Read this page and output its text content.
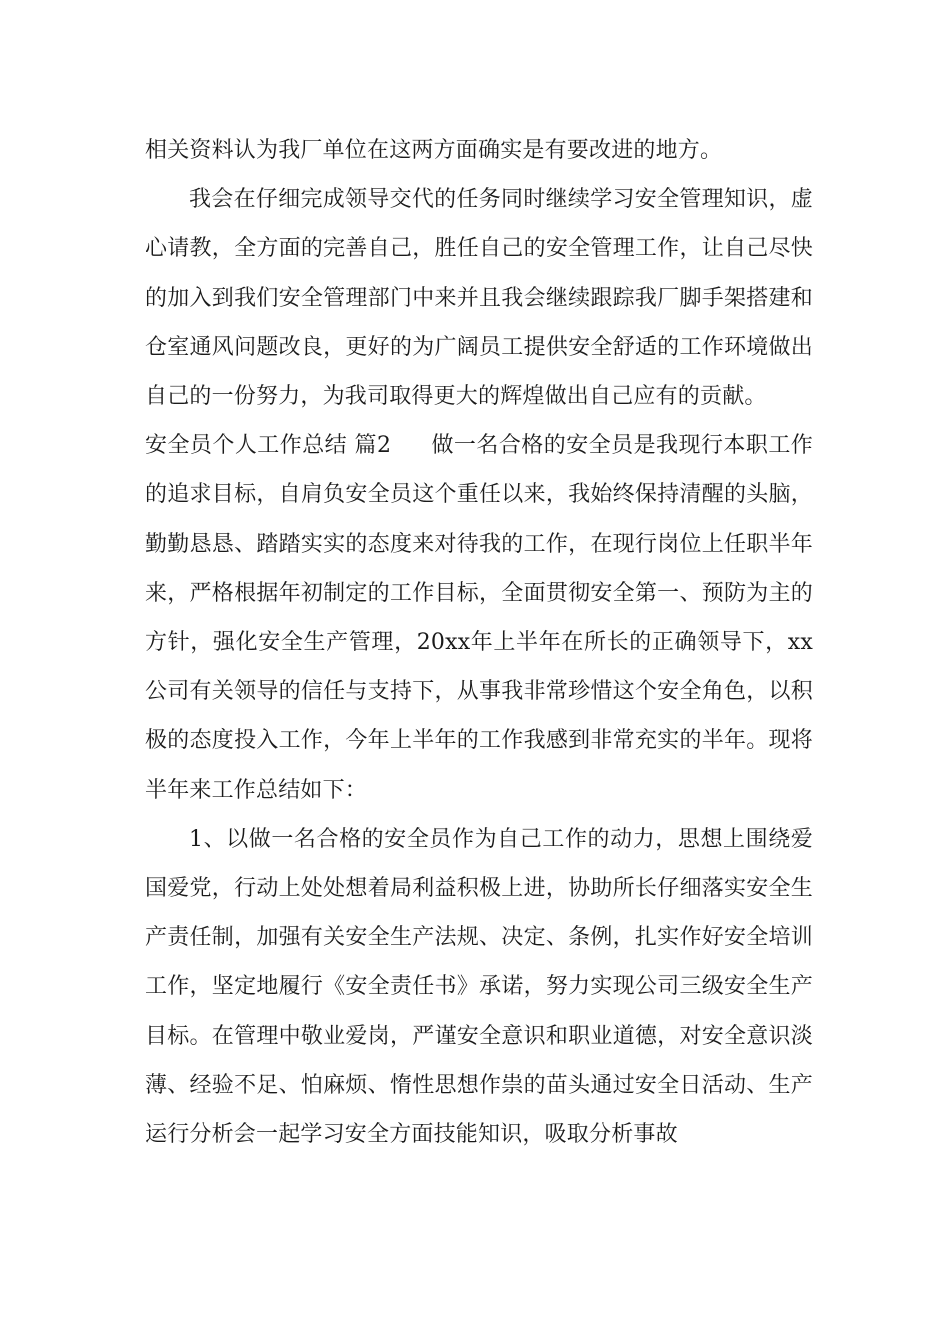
相关资料认为我厂单位在这两方面确实是有要改进的地方。

我会在仔细完成领导交代的任务同时继续学习安全管理知识，虚心请教，全方面的完善自己，胜任自己的安全管理工作，让自己尽快的加入到我们安全管理部门中来并且我会继续跟踪我厂脚手架搭建和仓室通风问题改良，更好的为广阔员工提供安全舒适的工作环境做出自己的一份努力，为我司取得更大的辉煌做出自己应有的贡献。

安全员个人工作总结 篇2 做一名合格的安全员是我现行本职工作的追求目标，自肩负安全员这个重任以来，我始终保持清醒的头脑，勤勤恳恳、踏踏实实的态度来对待我的工作，在现行岗位上任职半年来，严格根据年初制定的工作目标，全面贯彻安全第一、预防为主的方针，强化安全生产管理，20xx年上半年在所长的正确领导下，xx公司有关领导的信任与支持下，从事我非常珍惜这个安全角色，以积极的态度投入工作，今年上半年的工作我感到非常充实的半年。现将半年来工作总结如下：

1、以做一名合格的安全员作为自己工作的动力，思想上围绕爱国爱党，行动上处处想着局利益积极上进，协助所长仔细落实安全生产责任制，加强有关安全生产法规、决定、条例，扎实作好安全培训工作，坚定地履行《安全责任书》承诺，努力实现公司三级安全生产目标。在管理中敬业爱岗，严谨安全意识和职业道德，对安全意识淡薄、经验不足、怕麻烦、惰性思想作祟的苗头通过安全日活动、生产运行分析会一起学习安全方面技能知识，吸取分析事故
